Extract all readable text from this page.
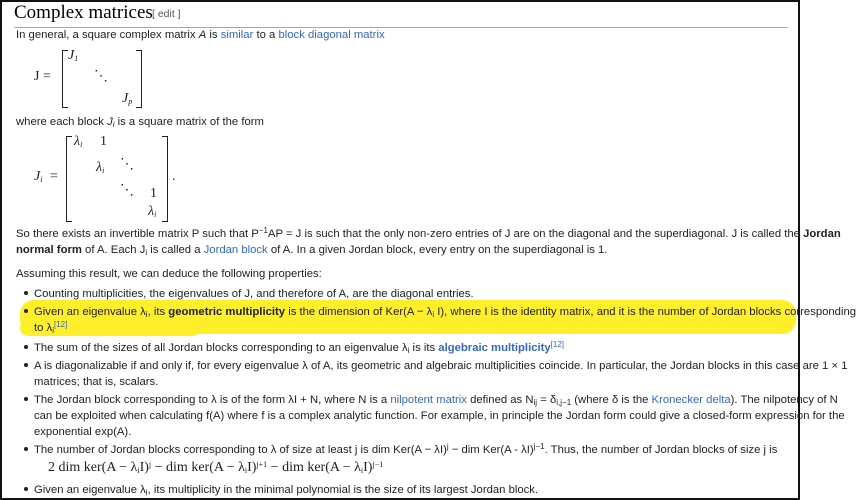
Complex matrices [ edit ]
In general, a square complex matrix A is similar to a block diagonal matrix
J =
$J_1$
⋱
$J_p$
where each block $J_i$ is a square matrix of the form
$J_i$ =
$\lambda_i$ 1
$\lambda_i$ ⋱
⋱ 1
$\lambda_i$
.
So there exists an invertible matrix P such that $P^{-1}AP = J$ is such that the only non-zero entries of J are on the diagonal and the superdiagonal. J is called the Jordan
normal form of A. Each $J_i$ is called a Jordan block of A. In a given Jordan block, every entry on the superdiagonal is 1.
Assuming this result, we can deduce the following properties:
Counting multiplicities, the eigenvalues of J, and therefore of A, are the diagonal entries.
Given an eigenvalue $\lambda_i$, its geometric multiplicity is the dimension of $Ker(A - \lambda_i$ I), where I is the identity matrix, and it is the number of Jordan blocks corresponding
to $\lambda_i[12]$
The sum of the sizes of all Jordan blocks corresponding to an eigenvalue $\lambda_i$ is its algebraic multiplicity[12]
A is diagonalizable if and only if, for every eigenvalue λ of A, its geometric and algebraic multiplicities coincide. In particular, the Jordan blocks in this case are 1 × 1
matrices; that is, scalars.
The Jordan block corresponding to λ is of the form λI + N, where N is a nilpotent matrix defined as $N_{ij} = \delta_{i,j-1}$ (where δ is the Kronecker delta). The nilpotency of N
can be exploited when calculating f(A) where f is a complex analytic function. For example, in principle the Jordan form could give a closed-form expression for the
exponential exp(A).
The number of Jordan blocks corresponding to λ of size at least j is dim $Ker(A - \lambda I)^j$ − dim Ker(A - λI)$^{j-1}$. Thus, the number of Jordan blocks of size j is
2 dim $ker(A - \lambda_iI)^j$ − dim $ker(A - \lambda_iI)^{j+1}$ − dim $ker(A - \lambda_iI)^{j-1}$
Given an eigenvalue $\lambda_i$, its multiplicity in the minimal polynomial is the size of its largest Jordan block.
